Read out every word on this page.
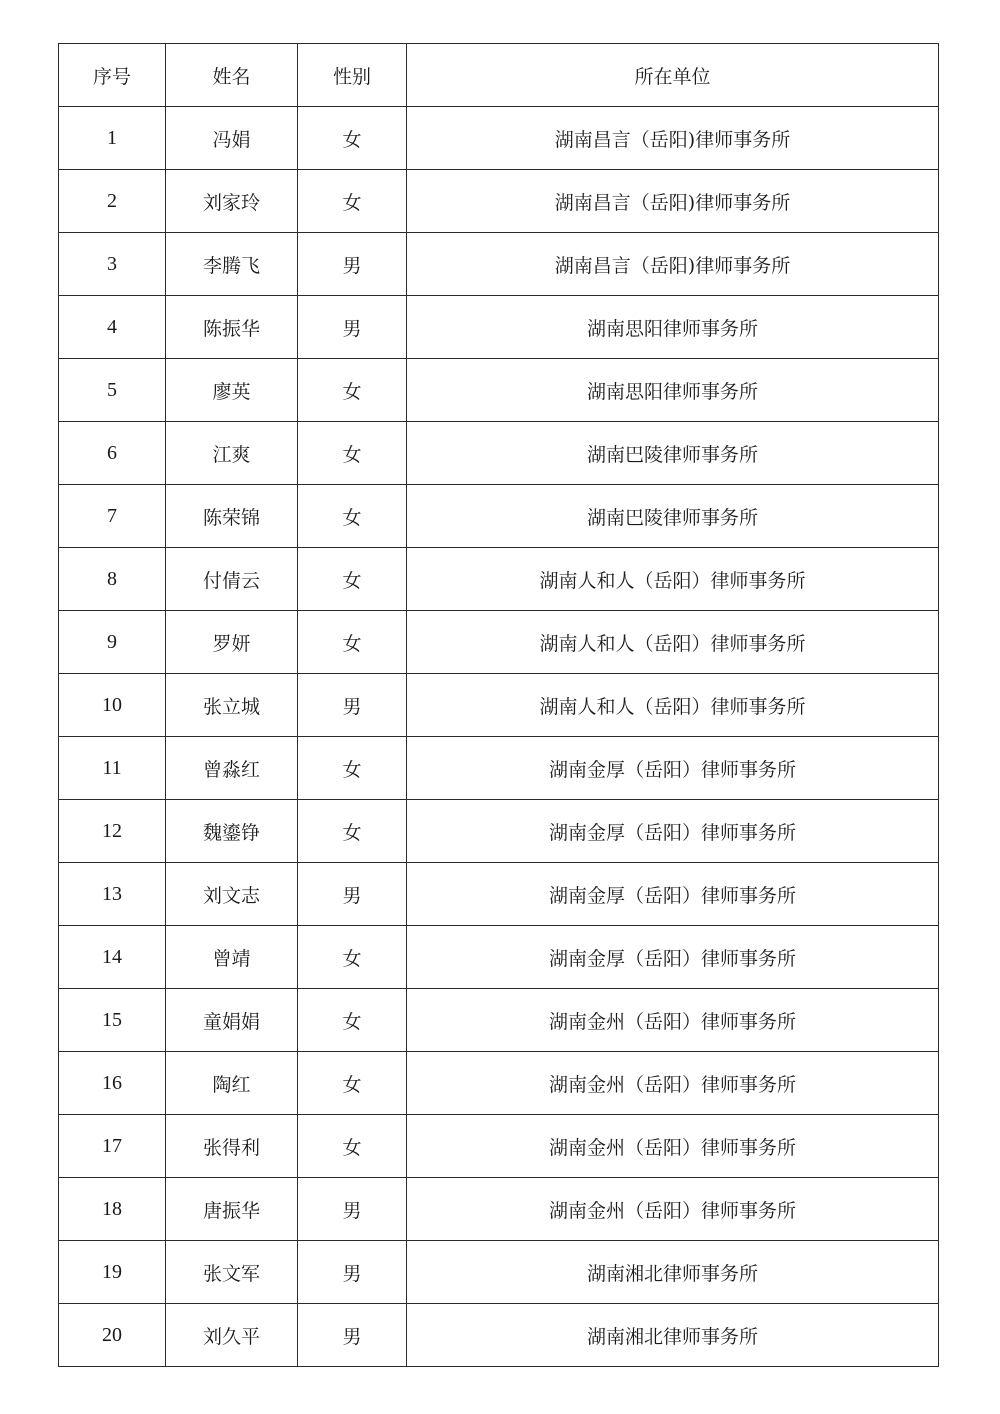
序号	姓名	性别	所在单位
1	冯娟	女	湖南昌言（岳阳)律师事务所
2	刘家玲	女	湖南昌言（岳阳)律师事务所
3	李腾飞	男	湖南昌言（岳阳)律师事务所
4	陈振华	男	湖南思阳律师事务所
5	廖英	女	湖南思阳律师事务所
6	江爽	女	湖南巴陵律师事务所
7	陈荣锦	女	湖南巴陵律师事务所
8	付倩云	女	湖南人和人（岳阳）律师事务所
9	罗妍	女	湖南人和人（岳阳）律师事务所
10	张立城	男	湖南人和人（岳阳）律师事务所
11	曾淼红	女	湖南金厚（岳阳）律师事务所
12	魏鎏铮	女	湖南金厚（岳阳）律师事务所
13	刘文志	男	湖南金厚（岳阳）律师事务所
14	曾靖	女	湖南金厚（岳阳）律师事务所
15	童娟娟	女	湖南金州（岳阳）律师事务所
16	陶红	女	湖南金州（岳阳）律师事务所
17	张得利	女	湖南金州（岳阳）律师事务所
18	唐振华	男	湖南金州（岳阳）律师事务所
19	张文军	男	湖南湘北律师事务所
20	刘久平	男	湖南湘北律师事务所
